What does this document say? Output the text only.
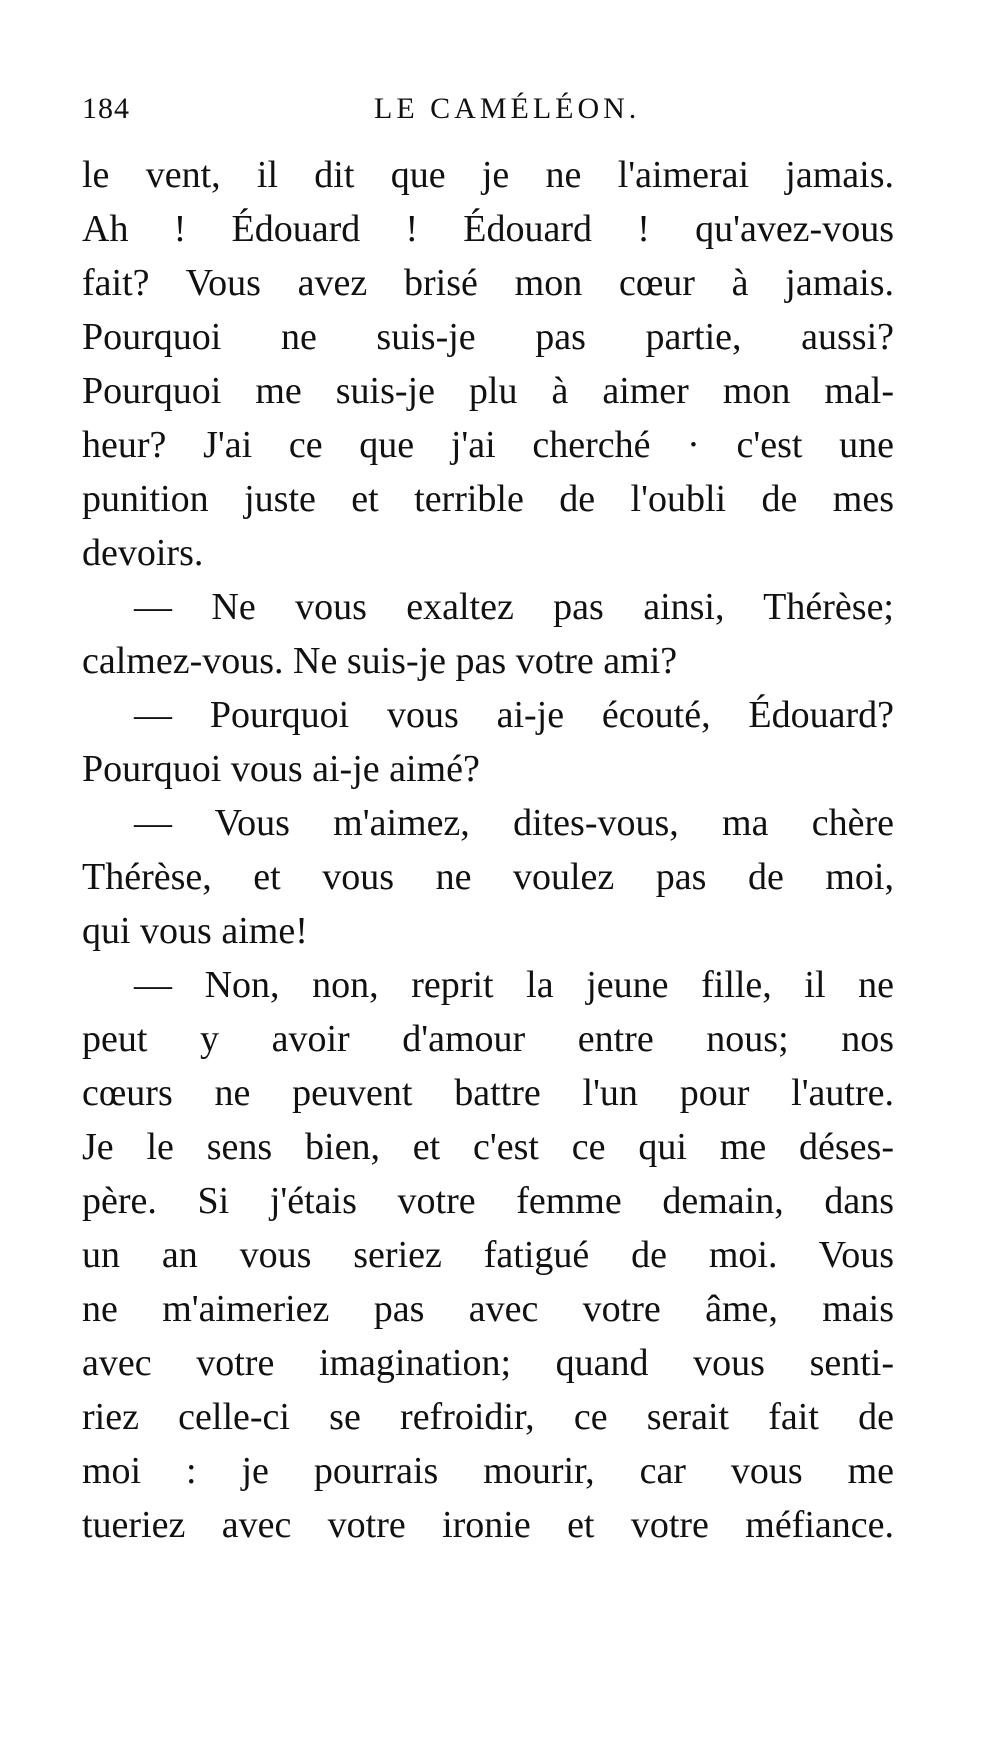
184	LE CAMÉLÉON.
le vent, il dit que je ne l'aimerai jamais.
Ah ! Édouard ! Édouard ! qu'avez-vous
fait? Vous avez brisé mon cœur à jamais.
Pourquoi ne suis-je pas partie, aussi?
Pourquoi me suis-je plu à aimer mon mal-
heur? J'ai ce que j'ai cherché · c'est une
punition juste et terrible de l'oubli de mes
devoirs.
— Ne vous exaltez pas ainsi, Thérèse;
calmez-vous. Ne suis-je pas votre ami?
— Pourquoi vous ai-je écouté, Édouard?
Pourquoi vous ai-je aimé?
— Vous m'aimez, dites-vous, ma chère
Thérèse, et vous ne voulez pas de moi,
qui vous aime!
— Non, non, reprit la jeune fille, il ne
peut y avoir d'amour entre nous; nos
cœurs ne peuvent battre l'un pour l'autre.
Je le sens bien, et c'est ce qui me déses-
père. Si j'étais votre femme demain, dans
un an vous seriez fatigué de moi. Vous
ne m'aimeriez pas avec votre âme, mais
avec votre imagination; quand vous senti-
riez celle-ci se refroidir, ce serait fait de
moi : je pourrais mourir, car vous me
tueriez avec votre ironie et votre méfiance.
